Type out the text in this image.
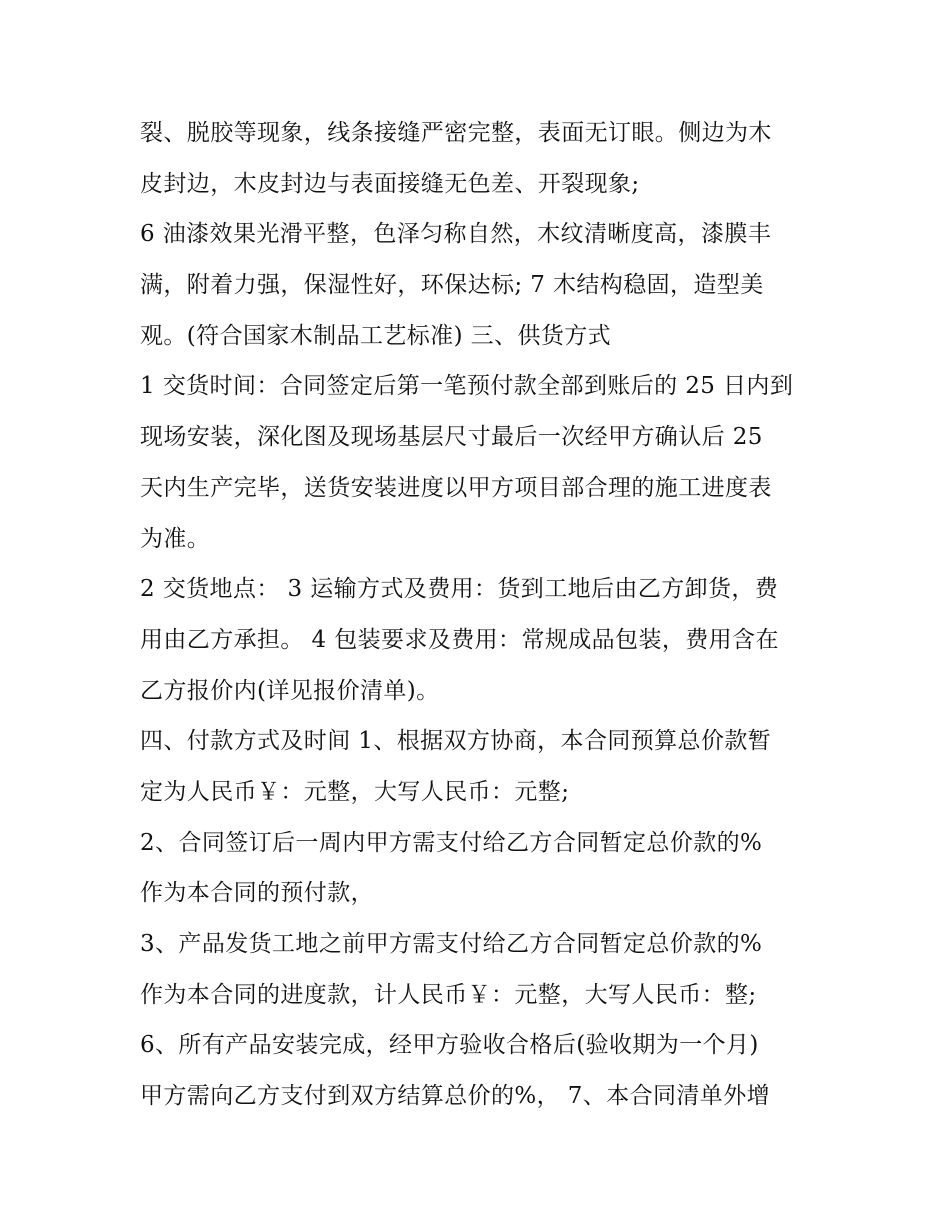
裂、脱胶等现象，线条接缝严密完整，表面无订眼。侧边为木
皮封边，木皮封边与表面接缝无色差、开裂现象;
6 油漆效果光滑平整，色泽匀称自然，木纹清晰度高，漆膜丰
满，附着力强，保湿性好，环保达标; 7 木结构稳固，造型美
观。(符合国家木制品工艺标准) 三、供货方式
1 交货时间：合同签定后第一笔预付款全部到账后的 25 日内到
现场安装，深化图及现场基层尺寸最后一次经甲方确认后 25
天内生产完毕，送货安装进度以甲方项目部合理的施工进度表
为准。
2 交货地点： 3 运输方式及费用：货到工地后由乙方卸货，费
用由乙方承担。 4 包装要求及费用：常规成品包装，费用含在
乙方报价内(详见报价清单)。
四、付款方式及时间 1、根据双方协商，本合同预算总价款暂
定为人民币￥：元整，大写人民币：元整;
2、合同签订后一周内甲方需支付给乙方合同暂定总价款的%
作为本合同的预付款，
3、产品发货工地之前甲方需支付给乙方合同暂定总价款的%
作为本合同的进度款，计人民币￥：元整，大写人民币：整;
6、所有产品安装完成，经甲方验收合格后(验收期为一个月)
甲方需向乙方支付到双方结算总价的%， 7、本合同清单外增
